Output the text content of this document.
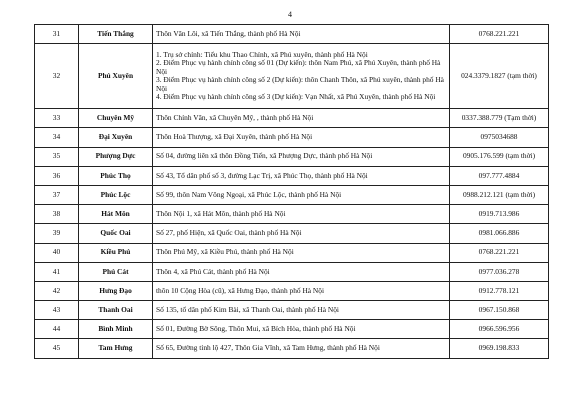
4
31	Tiến Thắng	Thôn Văn Lôi, xã Tiến Thắng, thành phố Hà Nội	0768.221.221
32	Phú Xuyên	1. Trụ sở chính: Tiểu khu Thao Chính, xã Phú xuyên, thành phố Hà Nội
2. Điểm Phục vụ hành chính công số 01 (Dự kiến): thôn Nam Phú, xã Phú Xuyên, thành phố Hà Nội
3. Điểm Phục vụ hành chính công số 2 (Dự kiến): thôn Chanh Thôn, xã Phú xuyên, thành phố Hà Nội
4. Điểm Phục vụ hành chính công số 3 (Dự kiến): Vạn Nhất, xã Phú Xuyên, thành phố Hà Nội	024.3379.1827 (tạm thời)
33	Chuyên Mỹ	Thôn Chính Văn, xã Chuyên Mỹ, , thành phố Hà Nội	0337.388.779 (Tạm thời)
34	Đại Xuyên	Thôn Hoà Thượng, xã Đại Xuyên, thành phố Hà Nội	0975034688
35	Phượng Dực	Số 04, đường liên xã thôn Đồng Tiến, xã Phượng Dực, thành phố Hà Nội	0905.176.599 (tạm thời)
36	Phúc Thọ	Số 43, Tổ dân phố số 3, đường Lạc Trị, xã Phúc Thọ, thành phố Hà Nội	097.777.4884
37	Phúc Lộc	Số 99, thôn Nam Võng Ngoại, xã Phúc Lộc, thành phố Hà Nội	0988.212.121 (tạm thời)
38	Hát Môn	Thôn Nội 1, xã Hát Môn, thành phố Hà Nội	0919.713.986
39	Quốc Oai	Số 27, phố Hiện, xã Quốc Oai, thành phố Hà Nội	0981.066.886
40	Kiều Phú	Thôn Phú Mỹ, xã Kiều Phú, thành phố Hà Nội	0768.221.221
41	Phú Cát	Thôn 4, xã Phú Cát, thành phố Hà Nội	0977.036.278
42	Hưng Đạo	thôn 10 Cộng Hòa (cũ), xã Hưng Đạo, thành phố Hà Nội	0912.778.121
43	Thanh Oai	Số 135, tổ dân phố Kim Bài, xã Thanh Oai, thành phố Hà Nội	0967.150.868
44	Bình Minh	Số 01, Đường Bờ Sông, Thôn Mui, xã Bích Hòa, thành phố Hà Nội	0966.596.956
45	Tam Hưng	Số 65, Đường tỉnh lộ 427, Thôn Gia Vĩnh, xã Tam Hưng, thành phố Hà Nội	0969.198.833
